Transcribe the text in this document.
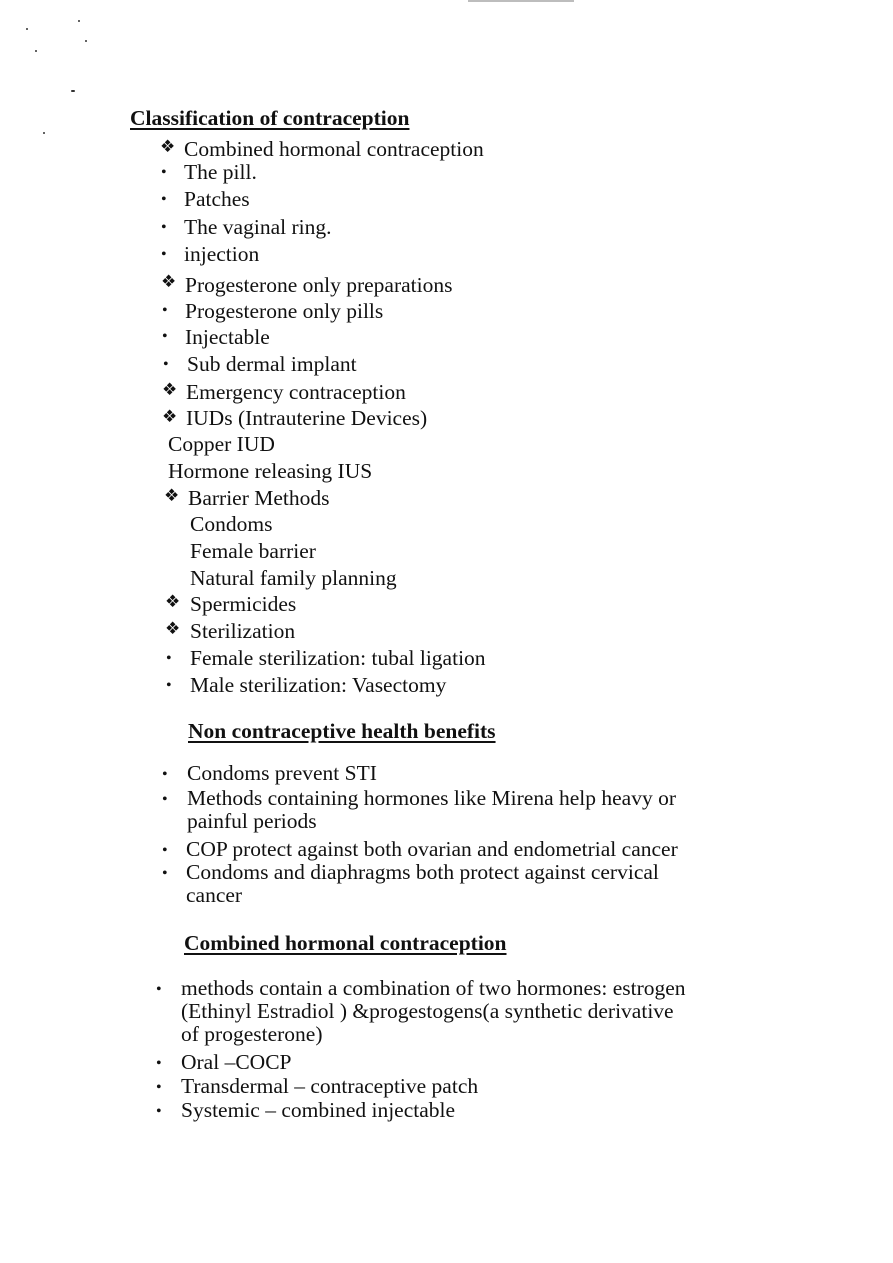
Classification of contraception
❖ Combined hormonal contraception
• The pill.
• Patches
• The vaginal ring.
• injection
❖ Progesterone only preparations
• Progesterone only pills
• Injectable
• Sub dermal implant
❖ Emergency contraception
❖ IUDs (Intrauterine Devices)
Copper IUD
Hormone releasing IUS
❖ Barrier Methods
Condoms
Female barrier
Natural family planning
❖ Spermicides
❖ Sterilization
• Female sterilization: tubal ligation
• Male sterilization: Vasectomy
Non contraceptive health benefits
• Condoms prevent STI
• Methods containing hormones like Mirena help heavy or
painful periods
• COP protect against both ovarian and endometrial cancer
• Condoms and diaphragms both protect against cervical
cancer
Combined hormonal contraception
• methods contain a combination of two hormones: estrogen
(Ethinyl Estradiol ) &progestogens(a synthetic derivative
of progesterone)
• Oral –COCP
• Transdermal – contraceptive patch
• Systemic – combined injectable
